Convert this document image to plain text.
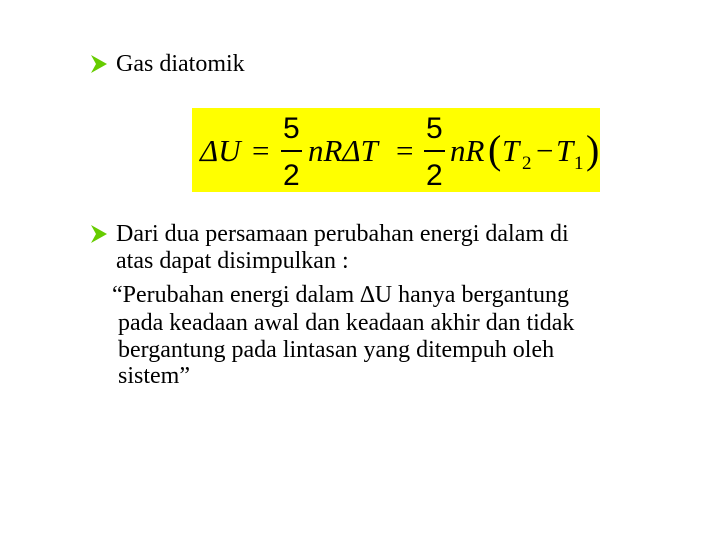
Gas diatomik
ΔU =
5
2
nRΔT =
5
2
nR ( T 2 − T 1 )
Dari dua persamaan perubahan energi dalam di
atas dapat disimpulkan :
“Perubahan energi dalam ∆U hanya bergantung
pada keadaan awal dan keadaan akhir dan tidak
bergantung pada lintasan yang ditempuh oleh
sistem”
